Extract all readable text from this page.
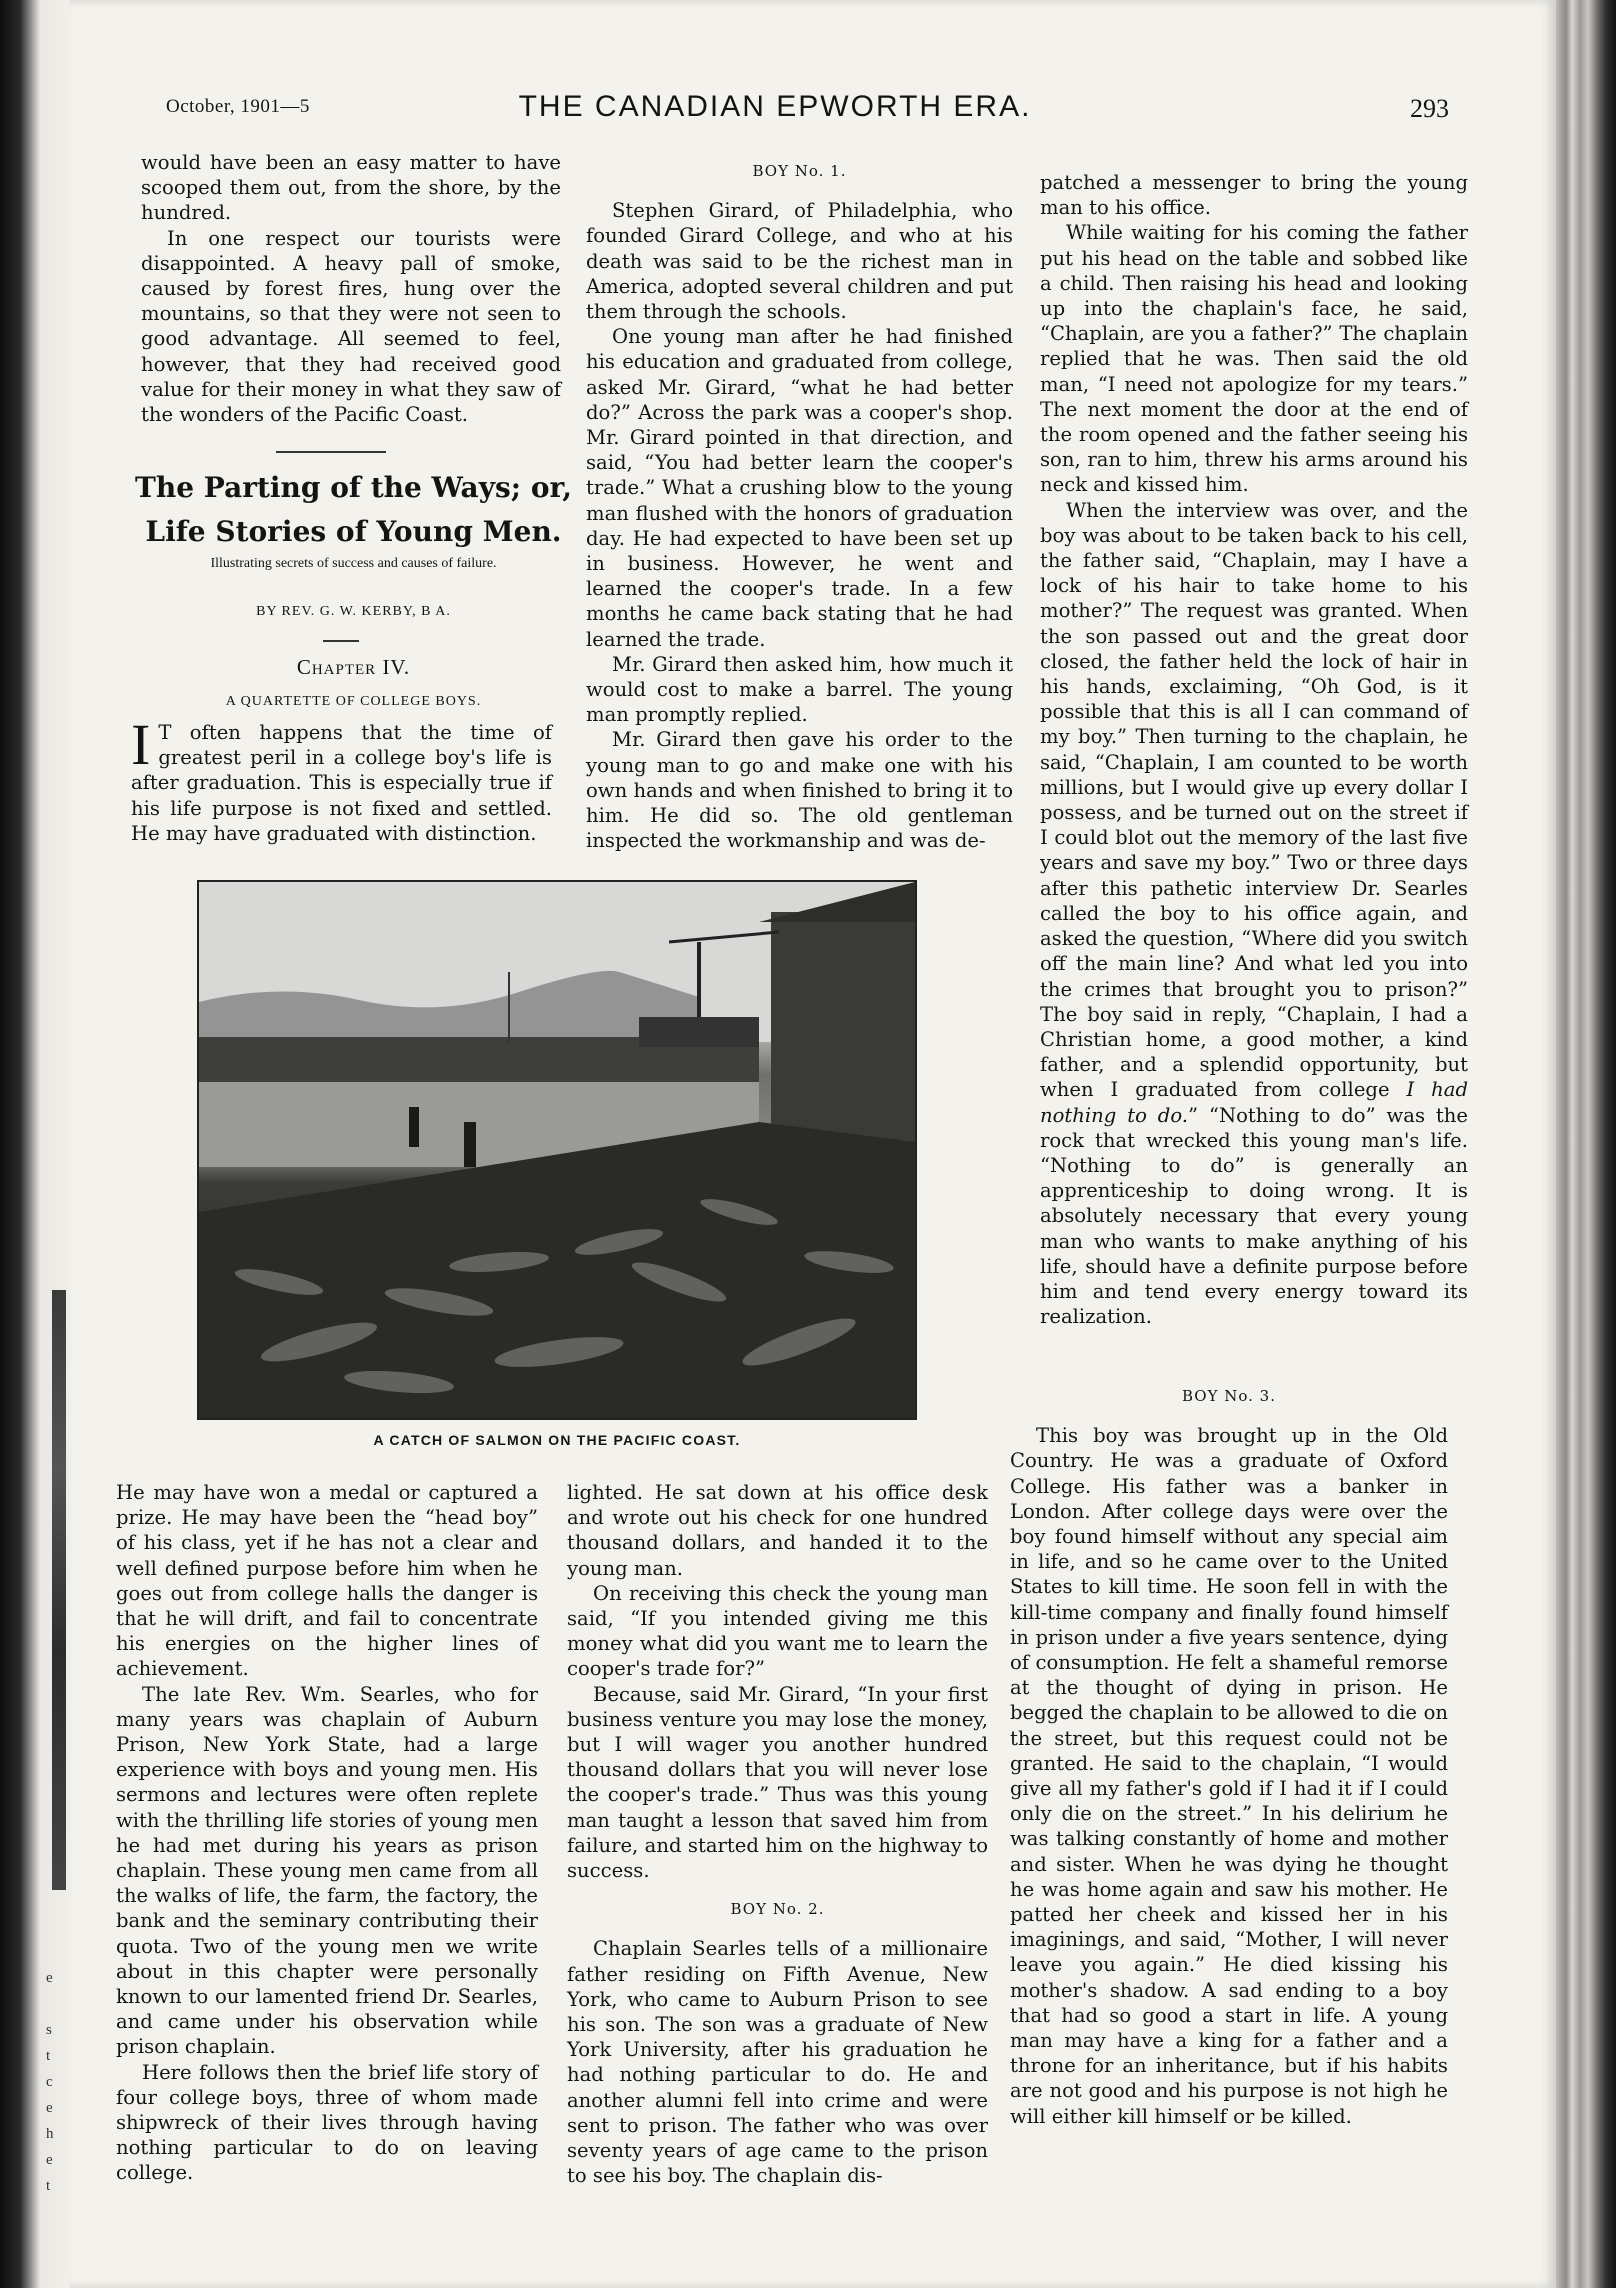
e
s
t
c
e
h
e
t
October, 1901—5	THE CANADIAN EPWORTH ERA.	293

would have been an easy matter to have scooped them out, from the shore, by the hundred.

In one respect our tourists were disappointed. A heavy pall of smoke, caused by forest fires, hung over the mountains, so that they were not seen to good advantage. All seemed to feel, however, that they had received good value for their money in what they saw of the wonders of the Pacific Coast.

The Parting of the Ways; or,
Life Stories of Young Men.
Illustrating secrets of success and causes of failure.
BY REV. G. W. KERBY, B A.
Chapter IV.
A QUARTETTE OF COLLEGE BOYS.

I T often happens that the time of greatest peril in a college boy's life is after graduation. This is especially true if his life purpose is not fixed and settled. He may have graduated with distinction.

BOY No. 1.

Stephen Girard, of Philadelphia, who founded Girard College, and who at his death was said to be the richest man in America, adopted several children and put them through the schools.

One young man after he had finished his education and graduated from college, asked Mr. Girard, “what he had better do?” Across the park was a cooper's shop. Mr. Girard pointed in that direction, and said, “You had better learn the cooper's trade.” What a crushing blow to the young man flushed with the honors of graduation day. He had expected to have been set up in business. However, he went and learned the cooper's trade. In a few months he came back stating that he had learned the trade.

Mr. Girard then asked him, how much it would cost to make a barrel. The young man promptly replied.

Mr. Girard then gave his order to the young man to go and make one with his own hands and when finished to bring it to him. He did so. The old gentleman inspected the workmanship and was de-

patched a messenger to bring the young man to his office.

While waiting for his coming the father put his head on the table and sobbed like a child. Then raising his head and looking up into the chaplain's face, he said, “Chaplain, are you a father?” The chaplain replied that he was. Then said the old man, “I need not apologize for my tears.” The next moment the door at the end of the room opened and the father seeing his son, ran to him, threw his arms around his neck and kissed him.

When the interview was over, and the boy was about to be taken back to his cell, the father said, “Chaplain, may I have a lock of his hair to take home to his mother?” The request was granted. When the son passed out and the great door closed, the father held the lock of hair in his hands, exclaiming, “Oh God, is it possible that this is all I can command of my boy.” Then turning to the chaplain, he said, “Chaplain, I am counted to be worth millions, but I would give up every dollar I possess, and be turned out on the street if I could blot out the memory of the last five years and save my boy.” Two or three days after this pathetic interview Dr. Searles called the boy to his office again, and asked the question, “Where did you switch off the main line? And what led you into the crimes that brought you to prison?” The boy said in reply, “Chaplain, I had a Christian home, a good mother, a kind father, and a splendid opportunity, but when I graduated from college I had nothing to do.” “Nothing to do” was the rock that wrecked this young man's life. “Nothing to do” is generally an apprenticeship to doing wrong. It is absolutely necessary that every young man who wants to make anything of his life, should have a definite purpose before him and tend every energy toward its realization.

A CATCH OF SALMON ON THE PACIFIC COAST.

He may have won a medal or captured a prize. He may have been the “head boy” of his class, yet if he has not a clear and well defined purpose before him when he goes out from college halls the danger is that he will drift, and fail to concentrate his energies on the higher lines of achievement.

The late Rev. Wm. Searles, who for many years was chaplain of Auburn Prison, New York State, had a large experience with boys and young men. His sermons and lectures were often replete with the thrilling life stories of young men he had met during his years as prison chaplain. These young men came from all the walks of life, the farm, the factory, the bank and the seminary contributing their quota. Two of the young men we write about in this chapter were personally known to our lamented friend Dr. Searles, and came under his observation while prison chaplain.

Here follows then the brief life story of four college boys, three of whom made shipwreck of their lives through having nothing particular to do on leaving college.

lighted. He sat down at his office desk and wrote out his check for one hundred thousand dollars, and handed it to the young man.

On receiving this check the young man said, “If you intended giving me this money what did you want me to learn the cooper's trade for?”

Because, said Mr. Girard, “In your first business venture you may lose the money, but I will wager you another hundred thousand dollars that you will never lose the cooper's trade.” Thus was this young man taught a lesson that saved him from failure, and started him on the highway to success.

BOY No. 2.

Chaplain Searles tells of a millionaire father residing on Fifth Avenue, New York, who came to Auburn Prison to see his son. The son was a graduate of New York University, after his graduation he had nothing particular to do. He and another alumni fell into crime and were sent to prison. The father who was over seventy years of age came to the prison to see his boy. The chaplain dis-

BOY No. 3.

This boy was brought up in the Old Country. He was a graduate of Oxford College. His father was a banker in London. After college days were over the boy found himself without any special aim in life, and so he came over to the United States to kill time. He soon fell in with the kill-time company and finally found himself in prison under a five years sentence, dying of consumption. He felt a shameful remorse at the thought of dying in prison. He begged the chaplain to be allowed to die on the street, but this request could not be granted. He said to the chaplain, “I would give all my father's gold if I had it if I could only die on the street.” In his delirium he was talking constantly of home and mother and sister. When he was dying he thought he was home again and saw his mother. He patted her cheek and kissed her in his imaginings, and said, “Mother, I will never leave you again.” He died kissing his mother's shadow. A sad ending to a boy that had so good a start in life. A young man may have a king for a father and a throne for an inheritance, but if his habits are not good and his purpose is not high he will either kill himself or be killed.
